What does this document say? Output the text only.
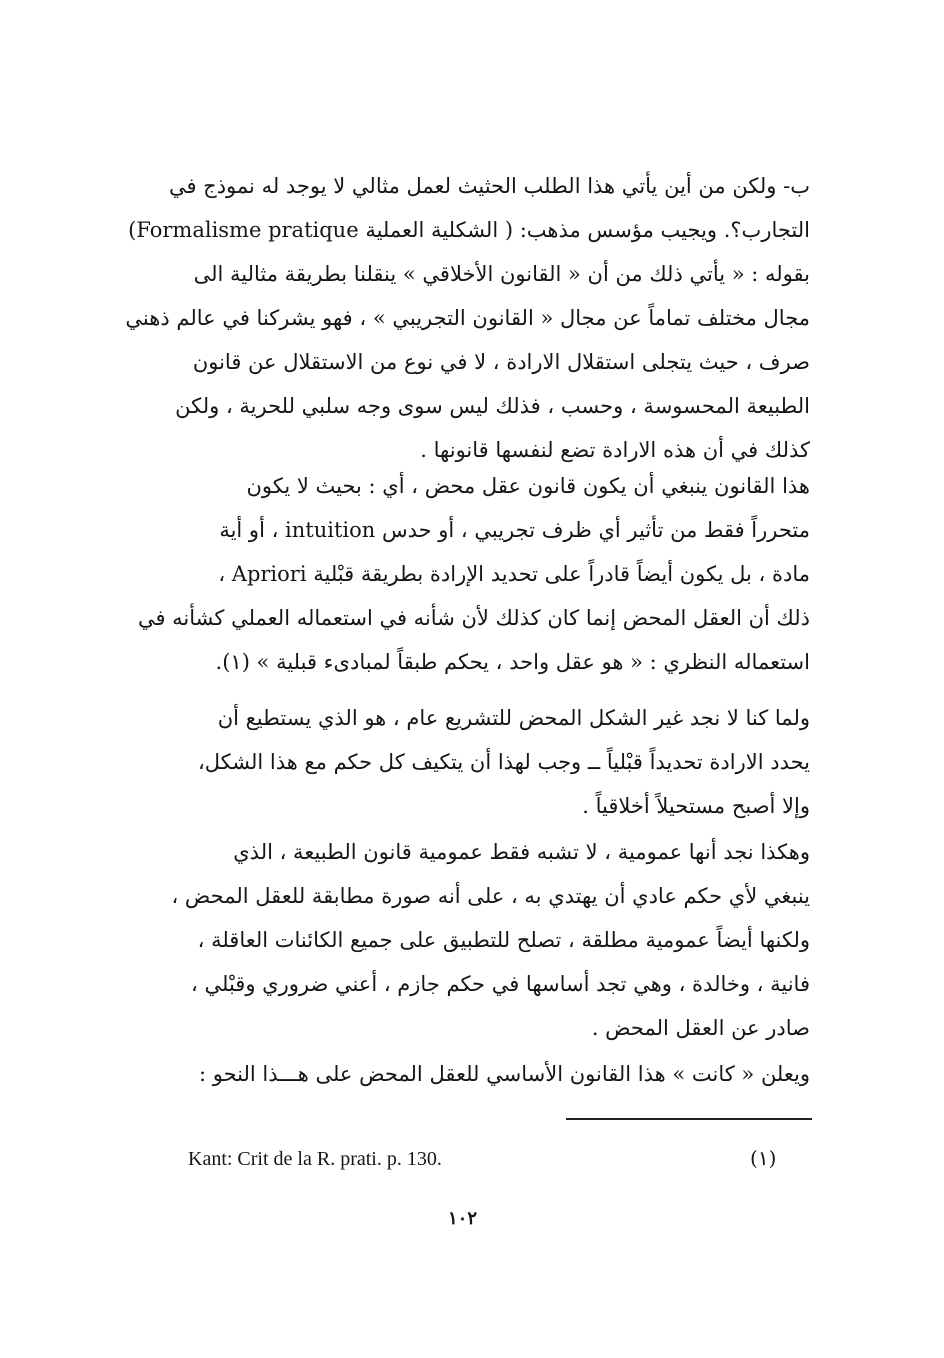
ب- ولكن من أين يأتي هذا الطلب الحثيث لعمل مثالي لا يوجد له نموذج في
التجارب؟. ويجيب مؤسس مذهب: ( الشكلية العملية Formalisme pratique)
بقوله : « يأتي ذلك من أن « القانون الأخلاقي » ينقلنا بطريقة مثالية الى
مجال مختلف تماماً عن مجال « القانون التجريبي » ، فهو يشركنا في عالم ذهني
صرف ، حيث يتجلى استقلال الارادة ، لا في نوع من الاستقلال عن قانون
الطبيعة المحسوسة ، وحسب ، فذلك ليس سوى وجه سلبي للحرية ، ولكن
كذلك في أن هذه الارادة تضع لنفسها قانونها .
هذا القانون ينبغي أن يكون قانون عقل محض ، أي : بحيث لا يكون
متحرراً فقط من تأثير أي ظرف تجريبي ، أو حدس intuition ، أو أية
مادة ، بل يكون أيضاً قادراً على تحديد الإرادة بطريقة قبْلية Apriori ،
ذلك أن العقل المحض إنما كان كذلك لأن شأنه في استعماله العملي كشأنه في
استعماله النظري : « هو عقل واحد ، يحكم طبقاً لمبادىء قبلية » (١).
ولما كنا لا نجد غير الشكل المحض للتشريع عام ، هو الذي يستطيع أن
يحدد الارادة تحديداً قبْلياً ــ وجب لهذا أن يتكيف كل حكم مع هذا الشكل،
وإلا أصبح مستحيلاً أخلاقياً .
وهكذا نجد أنها عمومية ، لا تشبه فقط عمومية قانون الطبيعة ، الذي
ينبغي لأي حكم عادي أن يهتدي به ، على أنه صورة مطابقة للعقل المحض ،
ولكنها أيضاً عمومية مطلقة ، تصلح للتطبيق على جميع الكائنات العاقلة ،
فانية ، وخالدة ، وهي تجد أساسها في حكم جازم ، أعني ضروري وقبْلي ،
صادر عن العقل المحض .
ويعلن « كانت » هذا القانون الأساسي للعقل المحض على هـــذا النحو :
Kant: Crit de la R. prati. p. 130.	(١)
١٠٢
